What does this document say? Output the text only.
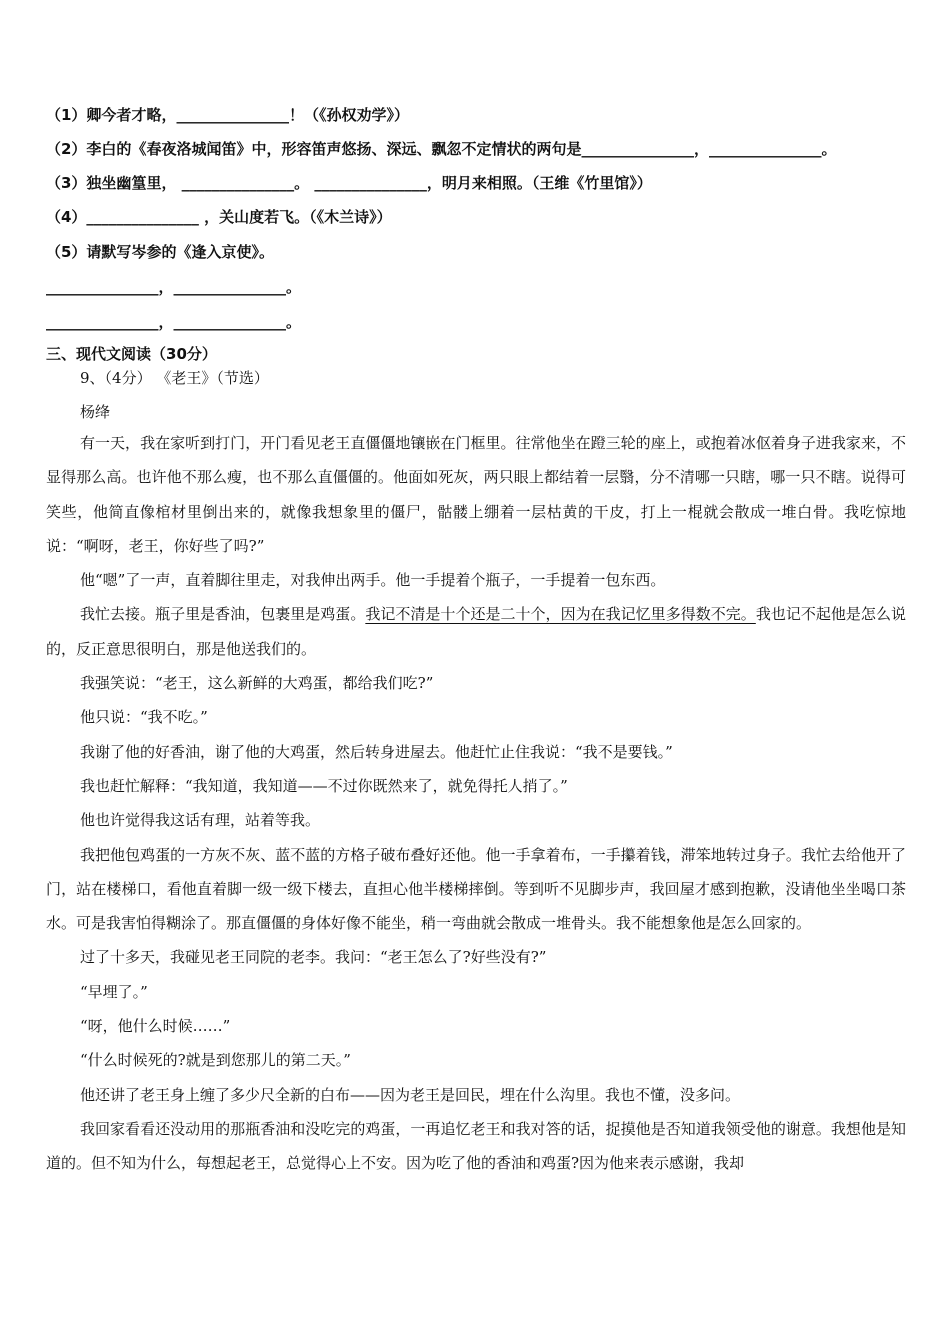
（1）卿今者才略，_______________！（《孙权劝学》）
（2）李白的《春夜洛城闻笛》中，形容笛声悠扬、深远、飘忽不定情状的两句是_______________，_______________。
（3）独坐幽篁里， _______________。 _______________，明月来相照。（王维《竹里馆》）
（4）_______________ ，关山度若飞。（《木兰诗》）
（5）请默写岑参的《逢入京使》。
_______________，_______________。
_______________，_______________。
三、现代文阅读（30分）
9、（4分） 《老王》（节选）
杨绛

有一天，我在家听到打门，开门看见老王直僵僵地镶嵌在门框里。往常他坐在蹬三轮的座上，或抱着冰伛着身子进我家来，不显得那么高。也许他不那么瘦，也不那么直僵僵的。他面如死灰，两只眼上都结着一层翳，分不清哪一只瞎，哪一只不瞎。说得可笑些，他简直像棺材里倒出来的，就像我想象里的僵尸，骷髅上绷着一层枯黄的干皮，打上一棍就会散成一堆白骨。我吃惊地说：“啊呀，老王，你好些了吗?”

他“嗯”了一声，直着脚往里走，对我伸出两手。他一手提着个瓶子，一手提着一包东西。

我忙去接。瓶子里是香油，包裹里是鸡蛋。我记不清是十个还是二十个，因为在我记忆里多得数不完。我也记不起他是怎么说的，反正意思很明白，那是他送我们的。

我强笑说：“老王，这么新鲜的大鸡蛋，都给我们吃?”

他只说：“我不吃。”

我谢了他的好香油，谢了他的大鸡蛋，然后转身进屋去。他赶忙止住我说：“我不是要钱。”

我也赶忙解释：“我知道，我知道——不过你既然来了，就免得托人捎了。”

他也许觉得我这话有理，站着等我。

我把他包鸡蛋的一方灰不灰、蓝不蓝的方格子破布叠好还他。他一手拿着布，一手攥着钱，滞笨地转过身子。我忙去给他开了门，站在楼梯口，看他直着脚一级一级下楼去，直担心他半楼梯摔倒。等到听不见脚步声，我回屋才感到抱歉，没请他坐坐喝口茶水。可是我害怕得糊涂了。那直僵僵的身体好像不能坐，稍一弯曲就会散成一堆骨头。我不能想象他是怎么回家的。

过了十多天，我碰见老王同院的老李。我问：“老王怎么了?好些没有?”

“早埋了。”

“呀，他什么时候……”

“什么时候死的?就是到您那儿的第二天。”

他还讲了老王身上缠了多少尺全新的白布——因为老王是回民，埋在什么沟里。我也不懂，没多问。

我回家看看还没动用的那瓶香油和没吃完的鸡蛋，一再追忆老王和我对答的话，捉摸他是否知道我领受他的谢意。我想他是知道的。但不知为什么，每想起老王，总觉得心上不安。因为吃了他的香油和鸡蛋?因为他来表示感谢，我却
